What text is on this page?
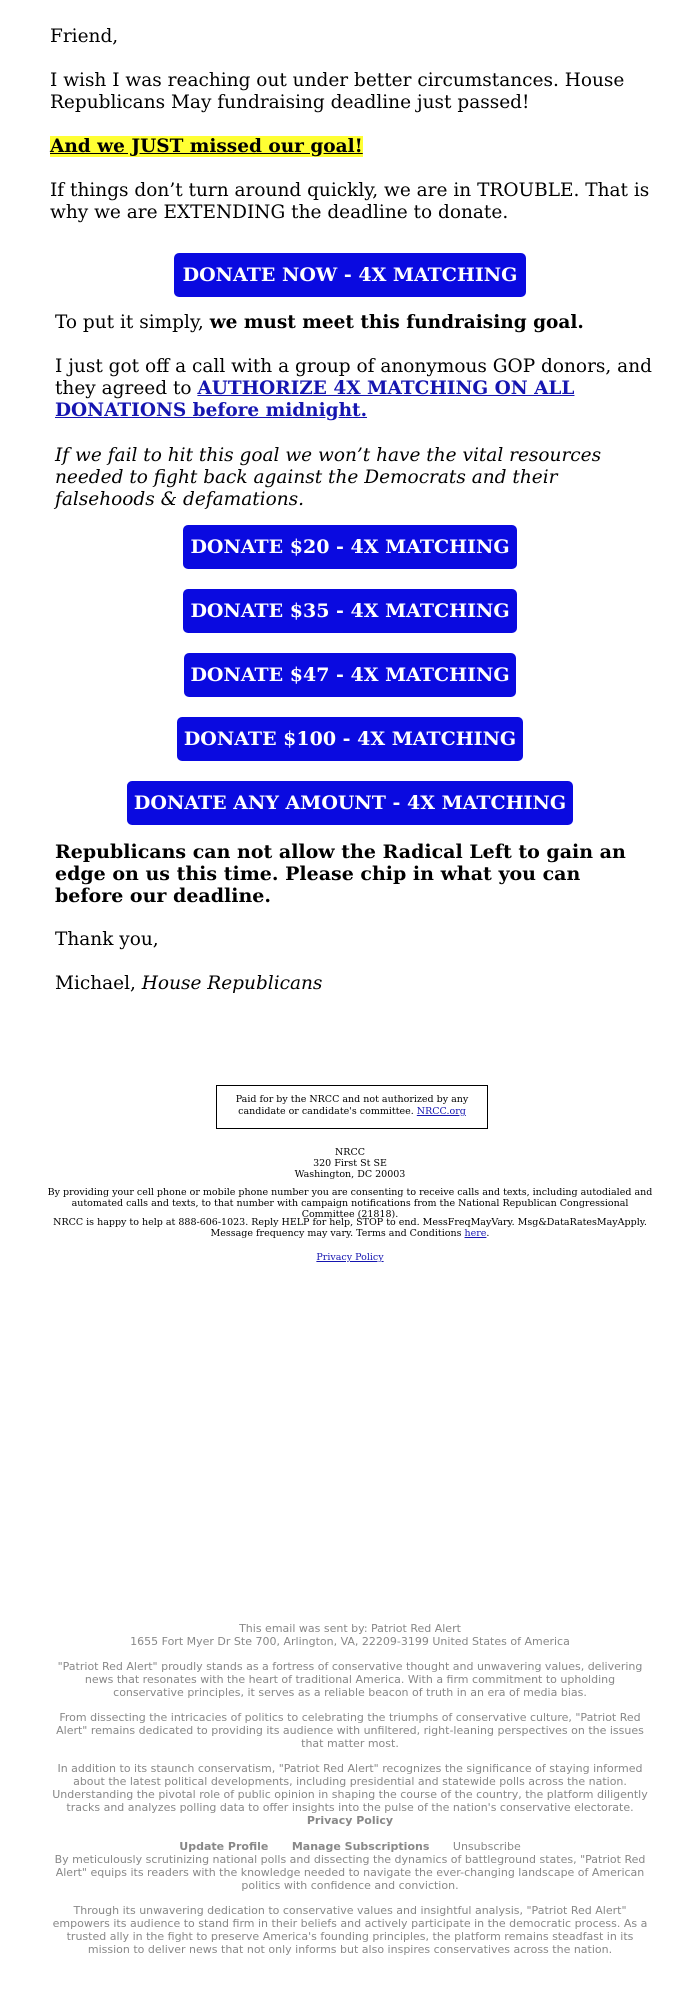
Friend,
I wish I was reaching out under better circumstances. House Republicans May fundraising deadline just passed!
And we JUST missed our goal!
If things don’t turn around quickly, we are in TROUBLE. That is why we are EXTENDING the deadline to donate.
DONATE NOW - 4X MATCHING
To put it simply, we must meet this fundraising goal.
I just got off a call with a group of anonymous GOP donors, and they agreed to AUTHORIZE 4X MATCHING ON ALL DONATIONS before midnight.
If we fail to hit this goal we won’t have the vital resources needed to fight back against the Democrats and their falsehoods & defamations.
DONATE $20 - 4X MATCHING
DONATE $35 - 4X MATCHING
DONATE $47 - 4X MATCHING
DONATE $100 - 4X MATCHING
DONATE ANY AMOUNT - 4X MATCHING
Republicans can not allow the Radical Left to gain an edge on us this time. Please chip in what you can before our deadline.
Thank you,
Michael, House Republicans
Paid for by the NRCC and not authorized by any candidate or candidate's committee. NRCC.org
NRCC
320 First St SE
Washington, DC 20003
By providing your cell phone or mobile phone number you are consenting to receive calls and texts, including autodialed and automated calls and texts, to that number with campaign notifications from the National Republican Congressional Committee (21818).
NRCC is happy to help at 888-606-1023. Reply HELP for help, STOP to end. MessFreqMayVary. Msg&DataRatesMayApply. Message frequency may vary. Terms and Conditions here.
Privacy Policy
This email was sent by: Patriot Red Alert
1655 Fort Myer Dr Ste 700, Arlington, VA, 22209-3199 United States of America
"Patriot Red Alert" proudly stands as a fortress of conservative thought and unwavering values, delivering news that resonates with the heart of traditional America. With a firm commitment to upholding conservative principles, it serves as a reliable beacon of truth in an era of media bias.
From dissecting the intricacies of politics to celebrating the triumphs of conservative culture, "Patriot Red Alert" remains dedicated to providing its audience with unfiltered, right-leaning perspectives on the issues that matter most.
In addition to its staunch conservatism, "Patriot Red Alert" recognizes the significance of staying informed about the latest political developments, including presidential and statewide polls across the nation. Understanding the pivotal role of public opinion in shaping the course of the country, the platform diligently tracks and analyzes polling data to offer insights into the pulse of the nation's conservative electorate.
Privacy Policy
Update Profile Manage Subscriptions Unsubscribe
By meticulously scrutinizing national polls and dissecting the dynamics of battleground states, "Patriot Red Alert" equips its readers with the knowledge needed to navigate the ever-changing landscape of American politics with confidence and conviction.
Through its unwavering dedication to conservative values and insightful analysis, "Patriot Red Alert" empowers its audience to stand firm in their beliefs and actively participate in the democratic process. As a trusted ally in the fight to preserve America's founding principles, the platform remains steadfast in its mission to deliver news that not only informs but also inspires conservatives across the nation.
